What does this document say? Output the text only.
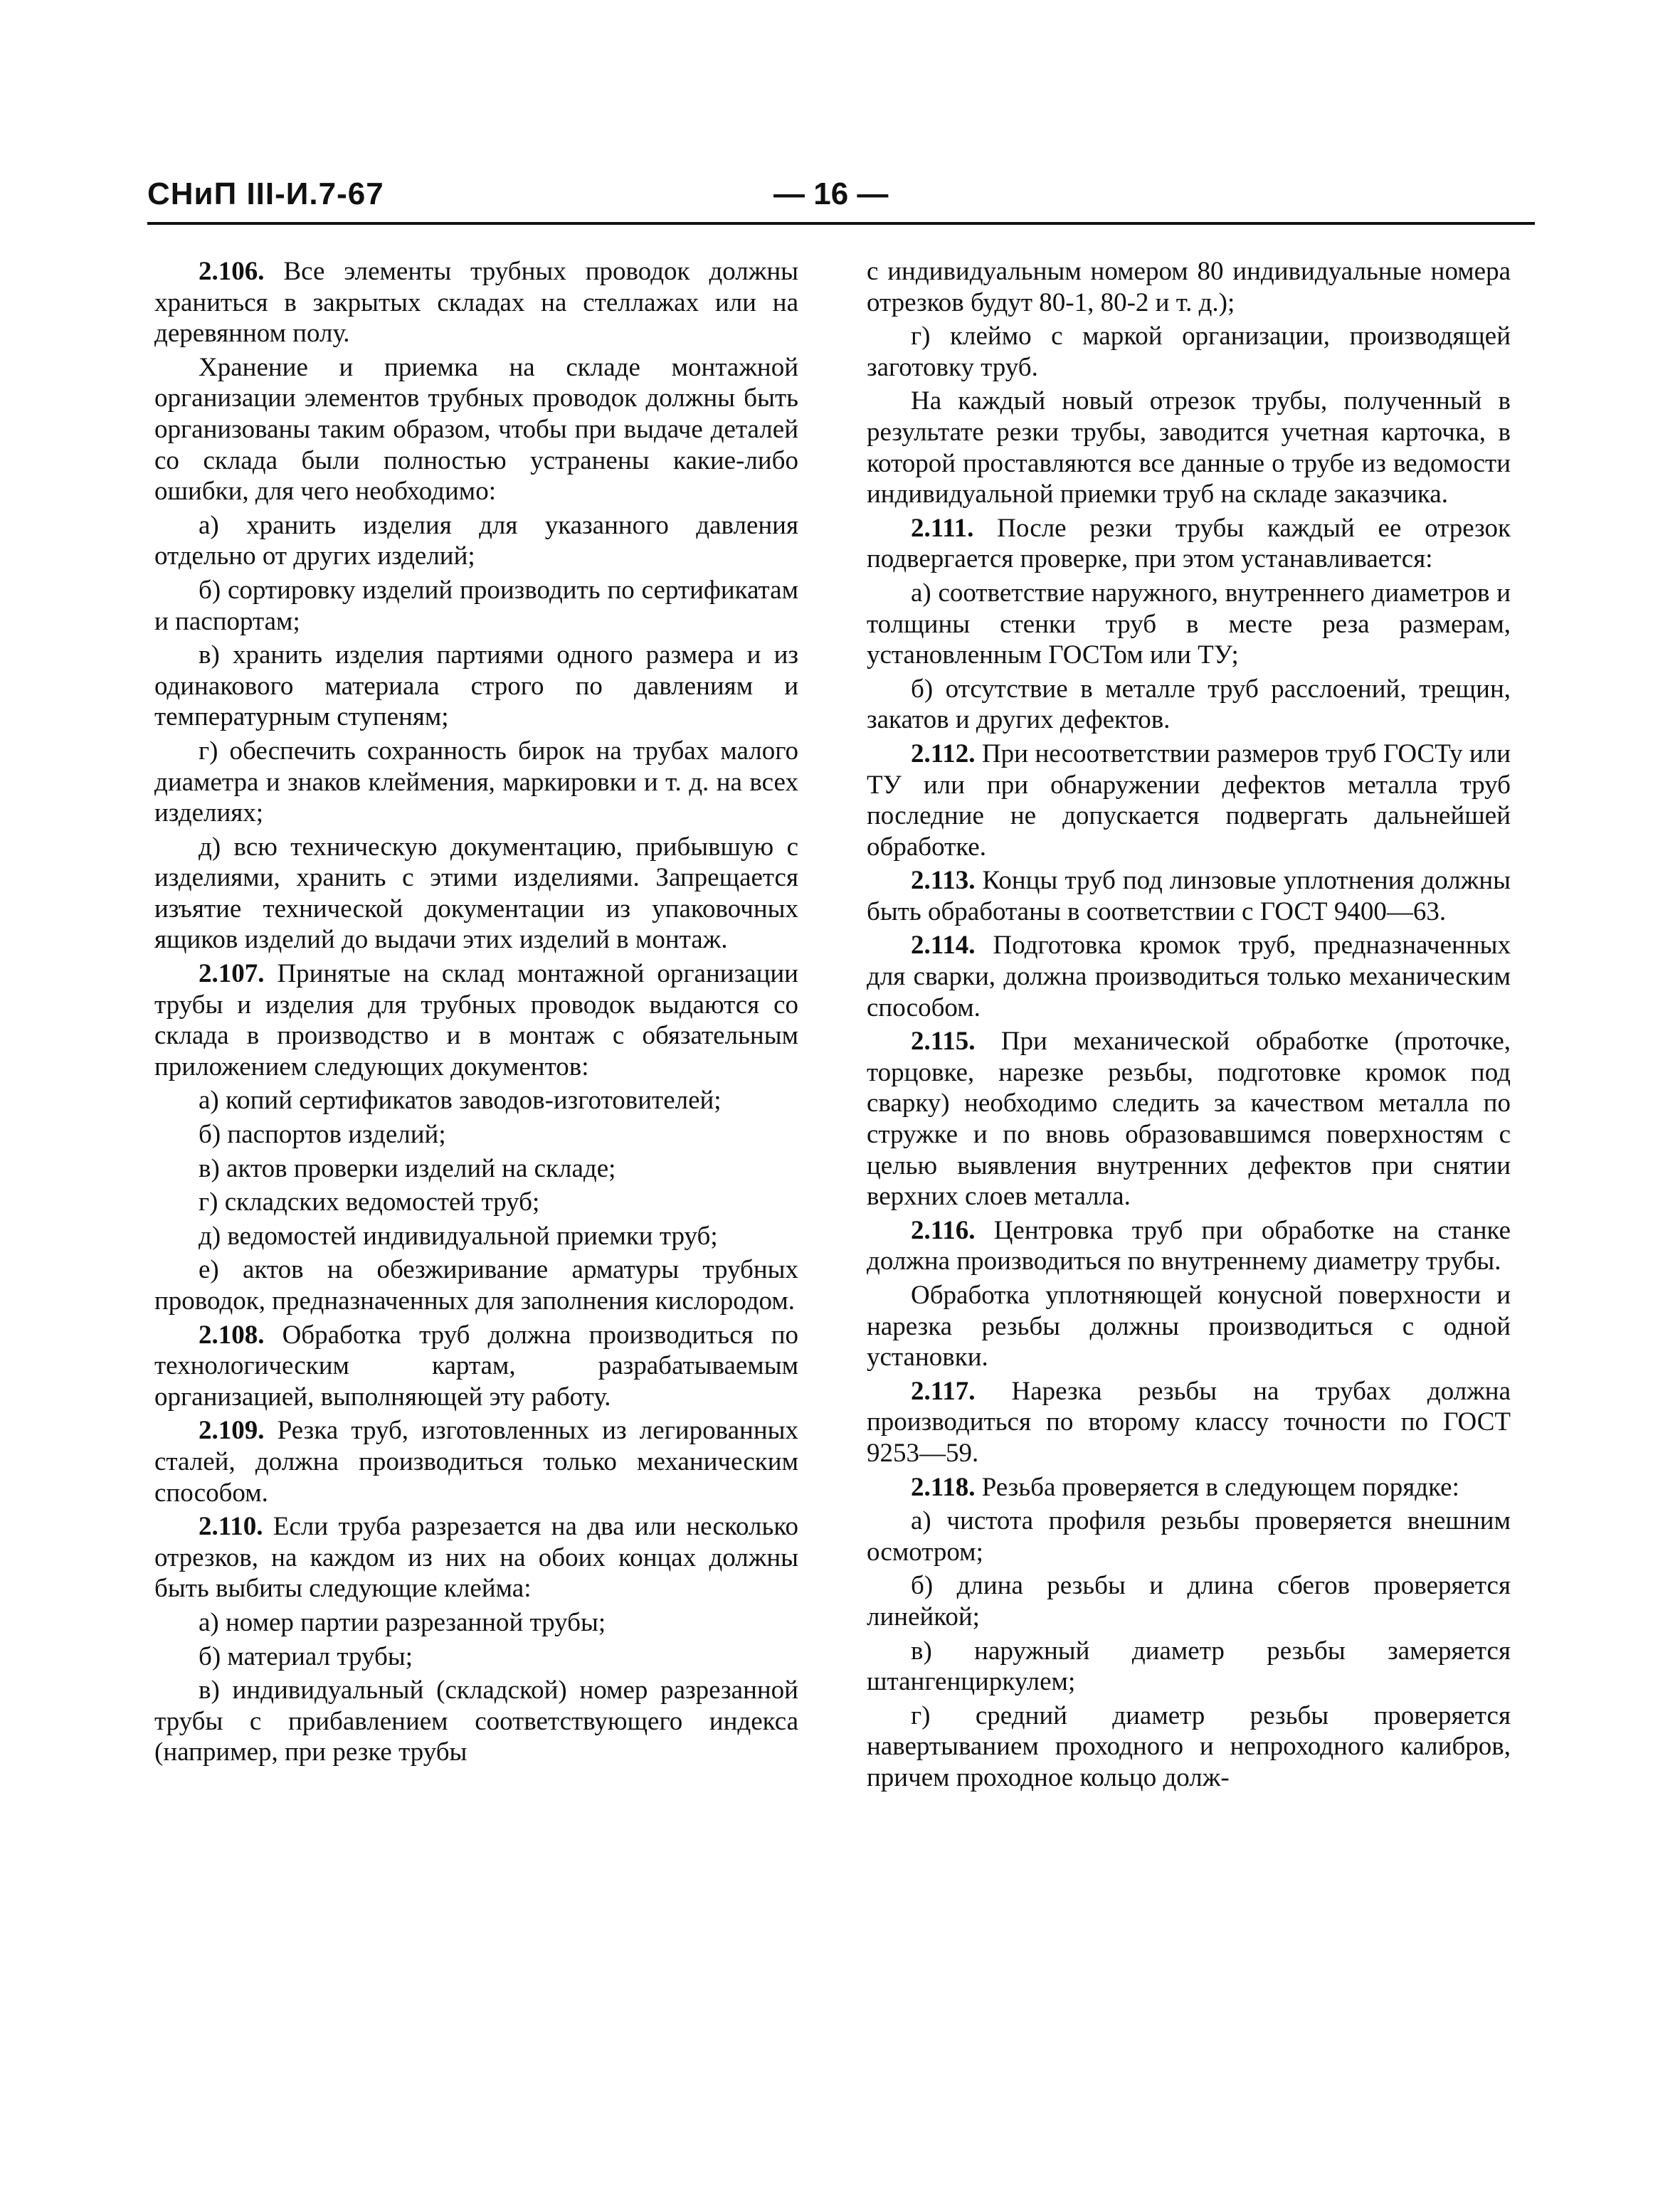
СНиП III-И.7-67	— 16 —

2.106. Все элементы трубных проводок должны храниться в закрытых складах на стеллажах или на деревянном полу.

Хранение и приемка на складе монтажной организации элементов трубных проводок должны быть организованы таким образом, чтобы при выдаче деталей со склада были полностью устранены какие-либо ошибки, для чего необходимо:

а) хранить изделия для указанного давления отдельно от других изделий;

б) сортировку изделий производить по сертификатам и паспортам;

в) хранить изделия партиями одного размера и из одинакового материала строго по давлениям и температурным ступеням;

г) обеспечить сохранность бирок на трубах малого диаметра и знаков клеймения, маркировки и т. д. на всех изделиях;

д) всю техническую документацию, прибывшую с изделиями, хранить с этими изделиями. Запрещается изъятие технической документации из упаковочных ящиков изделий до выдачи этих изделий в монтаж.

2.107. Принятые на склад монтажной организации трубы и изделия для трубных проводок выдаются со склада в производство и в монтаж с обязательным приложением следующих документов:

а) копий сертификатов заводов-изготовителей;

б) паспортов изделий;

в) актов проверки изделий на складе;

г) складских ведомостей труб;

д) ведомостей индивидуальной приемки труб;

е) актов на обезжиривание арматуры трубных проводок, предназначенных для заполнения кислородом.

2.108. Обработка труб должна производиться по технологическим картам, разрабатываемым организацией, выполняющей эту работу.

2.109. Резка труб, изготовленных из легированных сталей, должна производиться только механическим способом.

2.110. Если труба разрезается на два или несколько отрезков, на каждом из них на обоих концах должны быть выбиты следующие клейма:

а) номер партии разрезанной трубы;

б) материал трубы;

в) индивидуальный (складской) номер разрезанной трубы с прибавлением соответствующего индекса (например, при резке трубы

с индивидуальным номером 80 индивидуальные номера отрезков будут 80-1, 80-2 и т. д.);

г) клеймо с маркой организации, производящей заготовку труб.

На каждый новый отрезок трубы, полученный в результате резки трубы, заводится учетная карточка, в которой проставляются все данные о трубе из ведомости индивидуальной приемки труб на складе заказчика.

2.111. После резки трубы каждый ее отрезок подвергается проверке, при этом устанавливается:

а) соответствие наружного, внутреннего диаметров и толщины стенки труб в месте реза размерам, установленным ГОСТом или ТУ;

б) отсутствие в металле труб расслоений, трещин, закатов и других дефектов.

2.112. При несоответствии размеров труб ГОСТу или ТУ или при обнаружении дефектов металла труб последние не допускается подвергать дальнейшей обработке.

2.113. Концы труб под линзовые уплотнения должны быть обработаны в соответствии с ГОСТ 9400—63.

2.114. Подготовка кромок труб, предназначенных для сварки, должна производиться только механическим способом.

2.115. При механической обработке (проточке, торцовке, нарезке резьбы, подготовке кромок под сварку) необходимо следить за качеством металла по стружке и по вновь образовавшимся поверхностям с целью выявления внутренних дефектов при снятии верхних слоев металла.

2.116. Центровка труб при обработке на станке должна производиться по внутреннему диаметру трубы.

Обработка уплотняющей конусной поверхности и нарезка резьбы должны производиться с одной установки.

2.117. Нарезка резьбы на трубах должна производиться по второму классу точности по ГОСТ 9253—59.

2.118. Резьба проверяется в следующем порядке:

а) чистота профиля резьбы проверяется внешним осмотром;

б) длина резьбы и длина сбегов проверяется линейкой;

в) наружный диаметр резьбы замеряется штангенциркулем;

г) средний диаметр резьбы проверяется навертыванием проходного и непроходного калибров, причем проходное кольцо долж-
